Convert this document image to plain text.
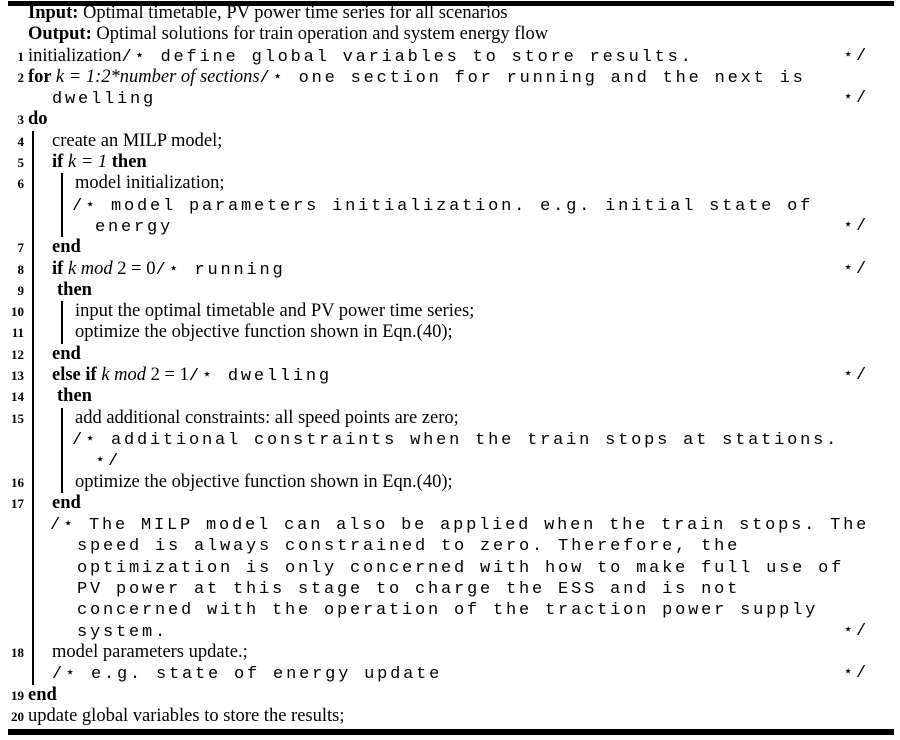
Input: Optimal timetable, PV power time series for all scenarios
Output: Optimal solutions for train operation and system energy flow
1 initialization/⋆ define global variables to store results.	⋆/
2 for k = 1:2*number of sections/⋆ one section for running and the next is
dwelling	⋆/
3 do
4 create an MILP model;
5 if k = 1 then
6	model initialization;
/⋆ model parameters initialization. e.g. initial state of
energy	⋆/
7 end
8 if k mod 2 = 0/⋆ running	⋆/
9 then
10	input the optimal timetable and PV power time series;
11	optimize the objective function shown in Eqn.(40);
12 end
13 else if k mod 2 = 1/⋆ dwelling	⋆/
14 then
15	add additional constraints: all speed points are zero;
/⋆ additional constraints when the train stops at stations.
⋆/
16	optimize the objective function shown in Eqn.(40);
17 end
/⋆ The MILP model can also be applied when the train stops. The
speed is always constrained to zero. Therefore, the
optimization is only concerned with how to make full use of
PV power at this stage to charge the ESS and is not
concerned with the operation of the traction power supply
system.	⋆/
18 model parameters update.;
/⋆ e.g. state of energy update	⋆/
19 end
20 update global variables to store the results;
